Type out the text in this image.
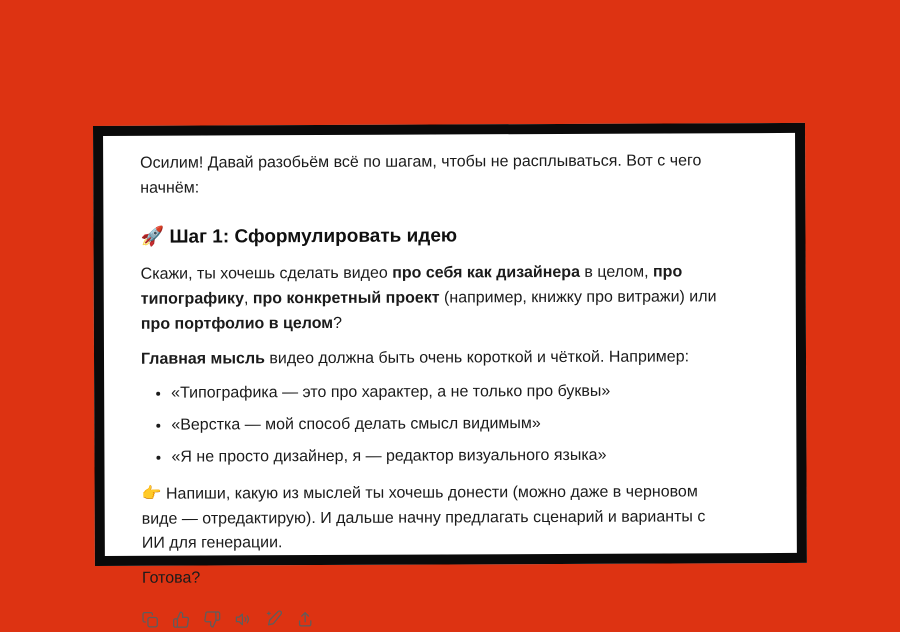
Осилим! Давай разобьём всё по шагам, чтобы не расплываться. Вот с чего начнём:

🚀 Шаг 1: Сформулировать идею

Скажи, ты хочешь сделать видео про себя как дизайнера в целом, про типографику, про конкретный проект (например, книжку про витражи) или про портфолио в целом?

Главная мысль видео должна быть очень короткой и чёткой. Например:

• «Типографика — это про характер, а не только про буквы»
• «Верстка — мой способ делать смысл видимым»
• «Я не просто дизайнер, я — редактор визуального языка»

👉 Напиши, какую из мыслей ты хочешь донести (можно даже в черновом виде — отредактирую). И дальше начну предлагать сценарий и варианты с ИИ для генерации.

Готова?
